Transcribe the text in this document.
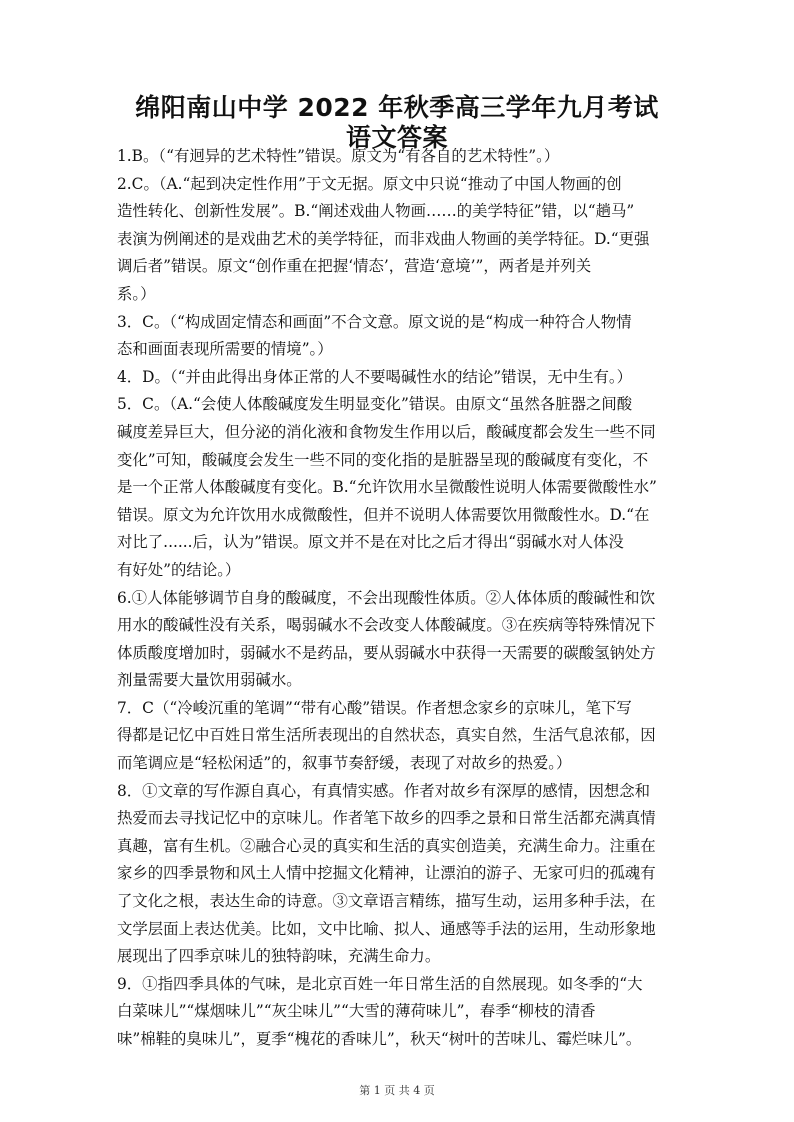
绵阳南山中学 2022 年秋季高三学年九月考试
语文答案
1.B。（“有迥异的艺术特性”错误。原文为“有各自的艺术特性”。）
2.C。（A.“起到决定性作用”于文无据。原文中只说“推动了中国人物画的创
造性转化、创新性发展”。B.“阐述戏曲人物画……的美学特征”错，以“趟马”
表演为例阐述的是戏曲艺术的美学特征，而非戏曲人物画的美学特征。D.“更强
调后者”错误。原文“创作重在把握‘情态’，营造‘意境’”，两者是并列关
系。）
3．C。（“构成固定情态和画面”不合文意。原文说的是“构成一种符合人物情
态和画面表现所需要的情境”。）
4．D。（“并由此得出身体正常的人不要喝碱性水的结论”错误，无中生有。）
5．C。（A.“会使人体酸碱度发生明显变化”错误。由原文“虽然各脏器之间酸
碱度差异巨大，但分泌的消化液和食物发生作用以后，酸碱度都会发生一些不同
变化”可知，酸碱度会发生一些不同的变化指的是脏器呈现的酸碱度有变化，不
是一个正常人体酸碱度有变化。B.“允许饮用水呈微酸性说明人体需要微酸性水”
错误。原文为允许饮用水成微酸性，但并不说明人体需要饮用微酸性水。D.“在
对比了......后，认为”错误。原文并不是在对比之后才得出“弱碱水对人体没
有好处”的结论。）
6.①人体能够调节自身的酸碱度，不会出现酸性体质。②人体体质的酸碱性和饮
用水的酸碱性没有关系，喝弱碱水不会改变人体酸碱度。③在疾病等特殊情况下
体质酸度增加时，弱碱水不是药品，要从弱碱水中获得一天需要的碳酸氢钠处方
剂量需要大量饮用弱碱水。
7．C（“冷峻沉重的笔调”“带有心酸”错误。作者想念家乡的京味儿，笔下写
得都是记忆中百姓日常生活所表现出的自然状态，真实自然，生活气息浓郁，因
而笔调应是“轻松闲适”的，叙事节奏舒缓，表现了对故乡的热爱。）
8．①文章的写作源自真心，有真情实感。作者对故乡有深厚的感情，因想念和
热爱而去寻找记忆中的京味儿。作者笔下故乡的四季之景和日常生活都充满真情
真趣，富有生机。②融合心灵的真实和生活的真实创造美，充满生命力。注重在
家乡的四季景物和风土人情中挖掘文化精神，让漂泊的游子、无家可归的孤魂有
了文化之根，表达生命的诗意。③文章语言精练，描写生动，运用多种手法，在
文学层面上表达优美。比如，文中比喻、拟人、通感等手法的运用，生动形象地
展现出了四季京味儿的独特韵味，充满生命力。
9．①指四季具体的气味，是北京百姓一年日常生活的自然展现。如冬季的“大
白菜味儿”“煤烟味儿”“灰尘味儿”“大雪的薄荷味儿”，春季“柳枝的清香
味”棉鞋的臭味儿”，夏季“槐花的香味儿”，秋天“树叶的苦味儿、霉烂味儿”。
第 1 页 共 4 页
